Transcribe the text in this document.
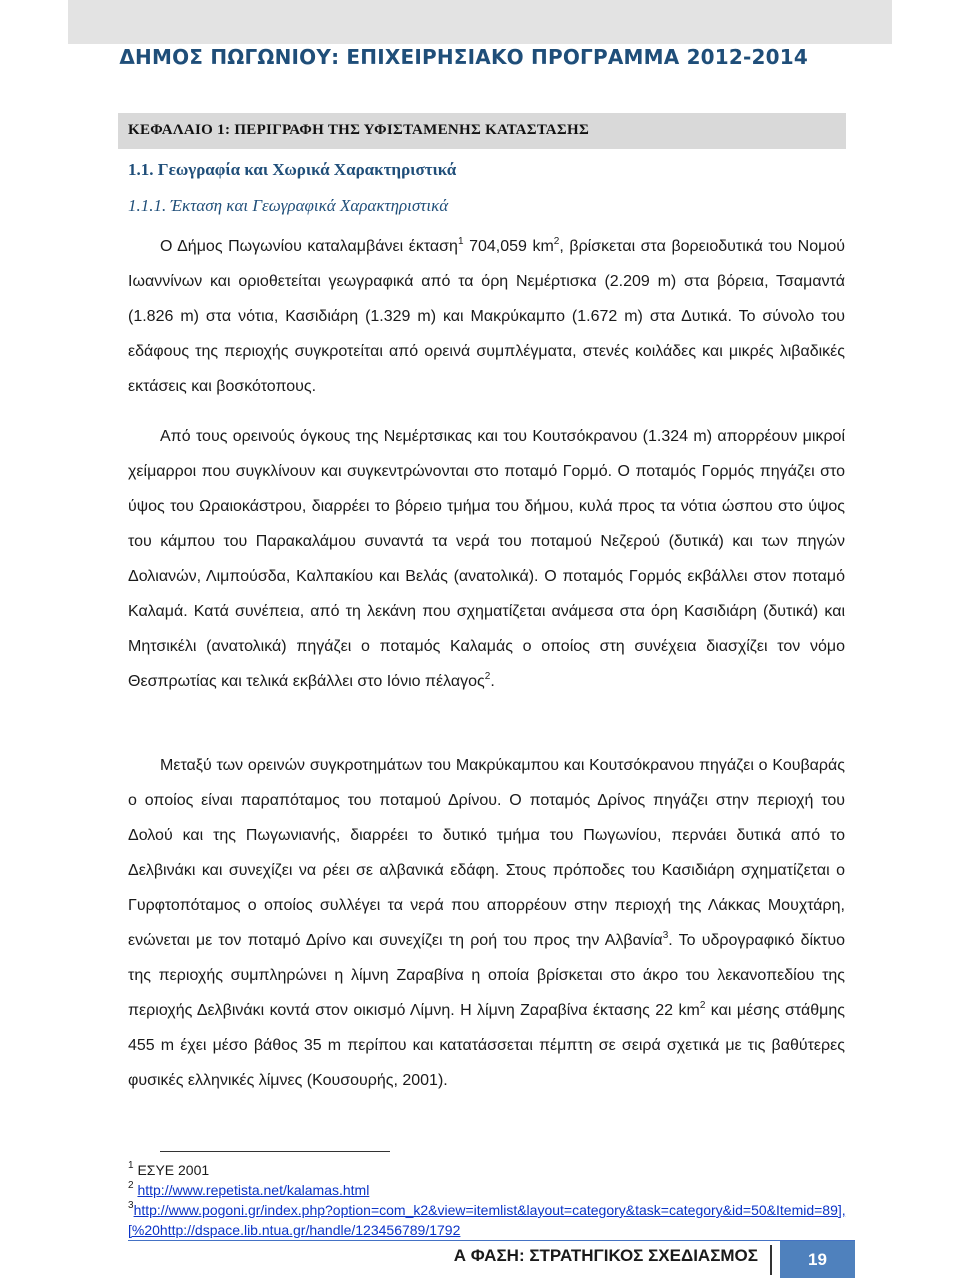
ΔΗΜΟΣ ΠΩΓΩΝΙΟΥ: ΕΠΙΧΕΙΡΗΣΙΑΚΟ ΠΡΟΓΡΑΜΜΑ 2012-2014
ΚΕΦΑΛΑΙΟ 1: ΠΕΡΙΓΡΑΦΗ ΤΗΣ ΥΦΙΣΤΑΜΕΝΗΣ ΚΑΤΑΣΤΑΣΗΣ
1.1. Γεωγραφία και Χωρικά Χαρακτηριστικά
1.1.1. Έκταση και Γεωγραφικά Χαρακτηριστικά

Ο Δήμος Πωγωνίου καταλαμβάνει έκταση$^1$ 704,059 $km^2$, βρίσκεται στα βορειοδυτικά του Νομού Ιωαννίνων και οριοθετείται γεωγραφικά από τα όρη Νεμέρτισκα (2.209 m) στα βόρεια, Τσαμαντά (1.826 m) στα νότια, Κασιδιάρη (1.329 m) και Μακρύκαμπο (1.672 m) στα Δυτικά. Το σύνολο του εδάφους της περιοχής συγκροτείται από ορεινά συμπλέγματα, στενές κοιλάδες και μικρές λιβαδικές εκτάσεις και βοσκότοπους.

Από τους ορεινούς όγκους της Νεμέρτσικας και του Κουτσόκρανου (1.324 m) απορρέουν μικροί χείμαρροι που συγκλίνουν και συγκεντρώνονται στο ποταμό Γορμό. Ο ποταμός Γορμός πηγάζει στο ύψος του Ωραιοκάστρου, διαρρέει το βόρειο τμήμα του δήμου, κυλά προς τα νότια ώσπου στο ύψος του κάμπου του Παρακαλάμου συναντά τα νερά του ποταμού Νεζερού (δυτικά) και των πηγών Δολιανών, Λιμπούσδα, Καλπακίου και Βελάς (ανατολικά). Ο ποταμός Γορμός εκβάλλει στον ποταμό Καλαμά. Κατά συνέπεια, από τη λεκάνη που σχηματίζεται ανάμεσα στα όρη Κασιδιάρη (δυτικά) και Μητσικέλι (ανατολικά) πηγάζει ο ποταμός Καλαμάς ο οποίος στη συνέχεια διασχίζει τον νόμο Θεσπρωτίας και τελικά εκβάλλει στο Ιόνιο πέλαγος$^2$.

Μεταξύ των ορεινών συγκροτημάτων του Μακρύκαμπου και Κουτσόκρανου πηγάζει ο Κουβαράς ο οποίος είναι παραπόταμος του ποταμού Δρίνου. Ο ποταμός Δρίνος πηγάζει στην περιοχή του Δολού και της Πωγωνιανής, διαρρέει το δυτικό τμήμα του Πωγωνίου, περνάει δυτικά από το Δελβινάκι και συνεχίζει να ρέει σε αλβανικά εδάφη. Στους πρόποδες του Κασιδιάρη σχηματίζεται ο Γυρφτοπόταμος ο οποίος συλλέγει τα νερά που απορρέουν στην περιοχή της Λάκκας Μουχτάρη, ενώνεται με τον ποταμό Δρίνο και συνεχίζει τη ροή του προς την Αλβανία$^3$. Το υδρογραφικό δίκτυο της περιοχής συμπληρώνει η λίμνη Ζαραβίνα η οποία βρίσκεται στο άκρο του λεκανοπεδίου της περιοχής Δελβινάκι κοντά στον οικισμό Λίμνη. Η λίμνη Ζαραβίνα έκτασης 22 $km^2$ και μέσης στάθμης 455 m έχει μέσο βάθος 35 m περίπου και κατατάσσεται πέμπτη σε σειρά σχετικά με τις βαθύτερες φυσικές ελληνικές λίμνες (Κουσουρής, 2001).

$^1$ ΕΣΥΕ 2001

$^2$ http://www.repetista.net/kalamas.html

$^3$http://www.pogoni.gr/index.php?option=com_k2&view=itemlist&layout=category&task=category&id=50&Itemid=89],[%20http://dspace.lib.ntua.gr/handle/123456789/1792

Α ΦΑΣΗ: ΣΤΡΑΤΗΓΙΚΟΣ ΣΧΕΔΙΑΣΜΟΣ	19
